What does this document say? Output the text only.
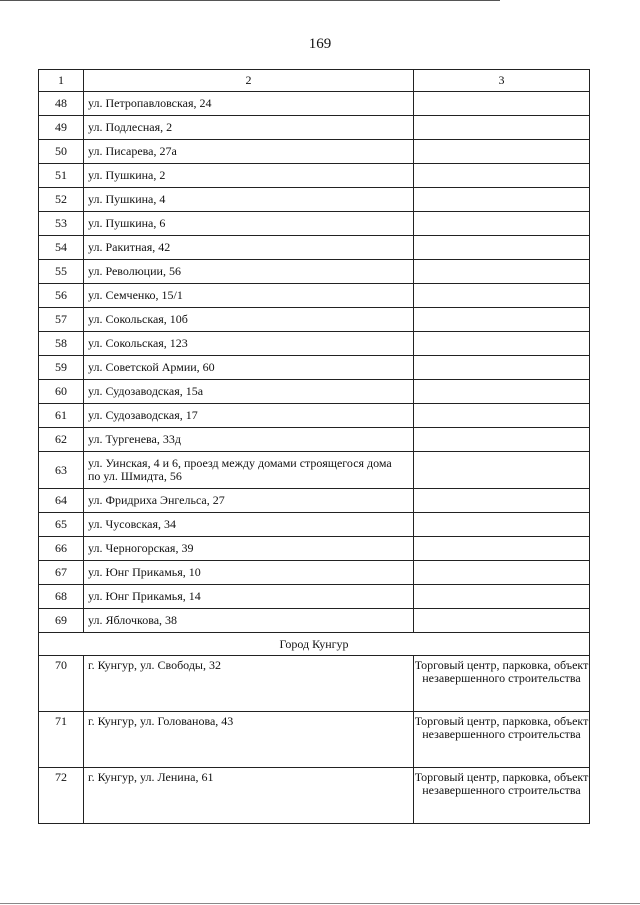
169
1	2	3
48	ул. Петропавловская, 24	
49	ул. Подлесная, 2	
50	ул. Писарева, 27а	
51	ул. Пушкина, 2	
52	ул. Пушкина, 4	
53	ул. Пушкина, 6	
54	ул. Ракитная, 42	
55	ул. Революции, 56	
56	ул. Семченко, 15/1	
57	ул. Сокольская, 10б	
58	ул. Сокольская, 123	
59	ул. Советской Армии, 60	
60	ул. Судозаводская, 15а	
61	ул. Судозаводская, 17	
62	ул. Тургенева, 33д	
63	ул. Уинская, 4 и 6, проезд между домами строящегося дома по ул. Шмидта, 56	
64	ул. Фридриха Энгельса, 27	
65	ул. Чусовская, 34	
66	ул. Черногорская, 39	
67	ул. Юнг Прикамья, 10	
68	ул. Юнг Прикамья, 14	
69	ул. Яблочкова, 38	
Город Кунгур		
70	г. Кунгур, ул. Свободы, 32	Торговый центр, парковка, объект незавершенного строительства
71	г. Кунгур, ул. Голованова, 43	Торговый центр, парковка, объект незавершенного строительства
72	г. Кунгур, ул. Ленина, 61	Торговый центр, парковка, объект незавершенного строительства
